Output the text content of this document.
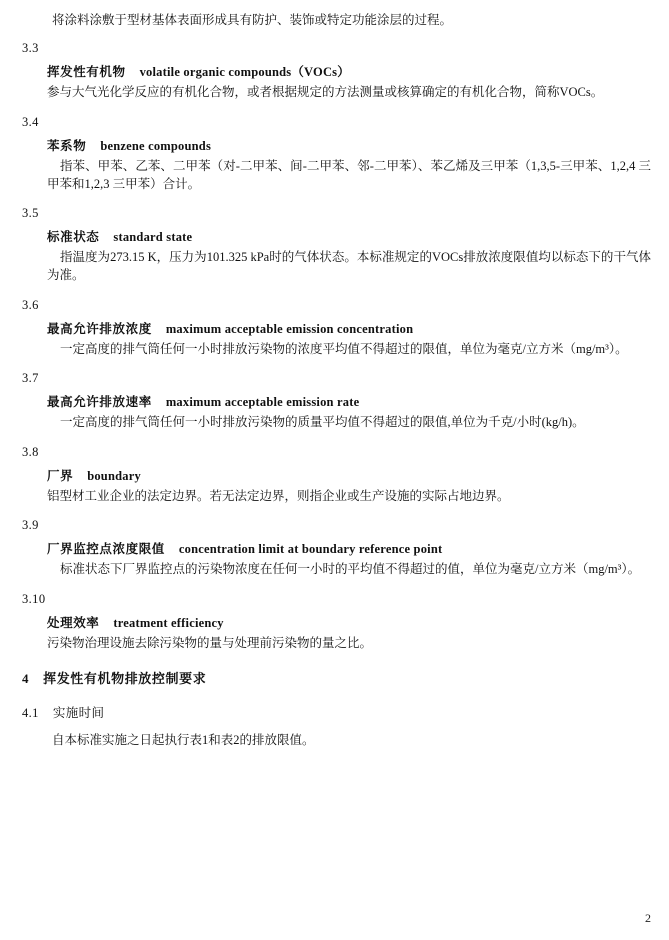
将涂料涂敷于型材基体表面形成具有防护、装饰或特定功能涂层的过程。

3.3
挥发性有机物 volatile organic compounds（VOCs）

参与大气光化学反应的有机化合物，或者根据规定的方法测量或核算确定的有机化合物，简称VOCs。

3.4
苯系物 benzene compounds

指苯、甲苯、乙苯、二甲苯（对-二甲苯、间-二甲苯、邻-二甲苯）、苯乙烯及三甲苯（1,3,5-三甲苯、1,2,4 三甲苯和1,2,3 三甲苯）合计。

3.5
标准状态 standard state

指温度为273.15 K，压力为101.325 kPa时的气体状态。本标准规定的VOCs排放浓度限值均以标态下的干气体为准。

3.6
最高允许排放浓度 maximum acceptable emission concentration

一定高度的排气筒任何一小时排放污染物的浓度平均值不得超过的限值，单位为毫克/立方米（mg/m³）。

3.7
最高允许排放速率 maximum acceptable emission rate

一定高度的排气筒任何一小时排放污染物的质量平均值不得超过的限值,单位为千克/小时(kg/h)。

3.8
厂界 boundary

铝型材工业企业的法定边界。若无法定边界，则指企业或生产设施的实际占地边界。

3.9
厂界监控点浓度限值 concentration limit at boundary reference point

标准状态下厂界监控点的污染物浓度在任何一小时的平均值不得超过的值，单位为毫克/立方米（mg/m³）。

3.10
处理效率 treatment efficiency

污染物治理设施去除污染物的量与处理前污染物的量之比。

4 挥发性有机物排放控制要求
4.1 实施时间

自本标准实施之日起执行表1和表2的排放限值。

2
